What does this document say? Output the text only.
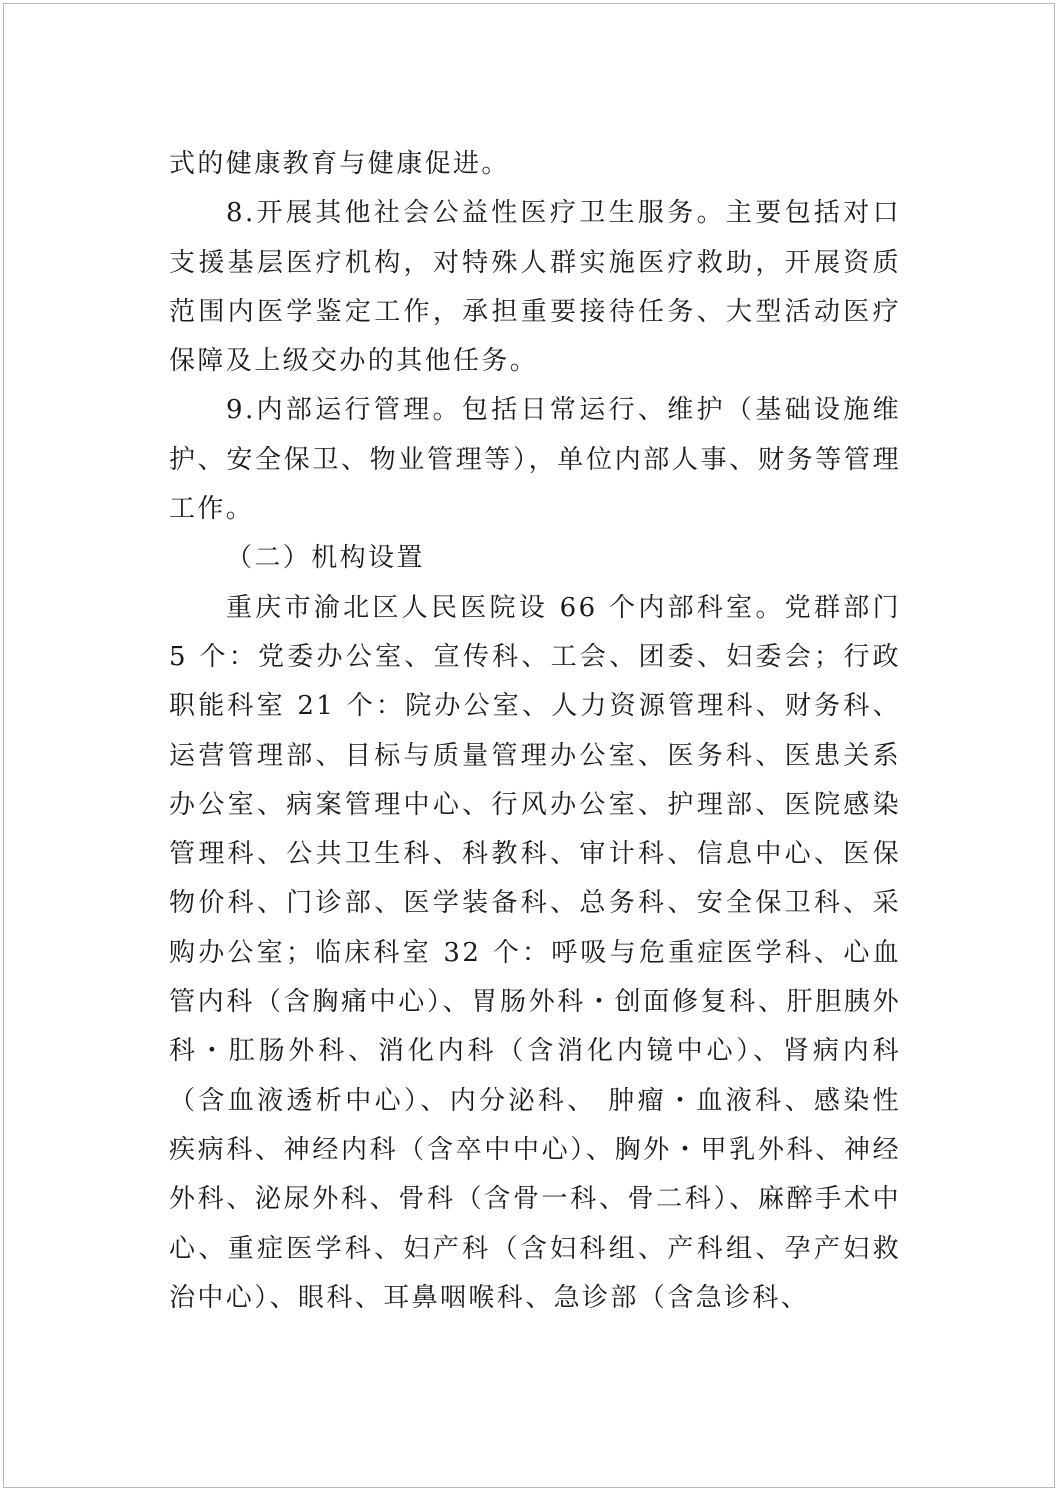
式的健康教育与健康促进。

8.开展其他社会公益性医疗卫生服务。主要包括对口支援基层医疗机构，对特殊人群实施医疗救助，开展资质范围内医学鉴定工作，承担重要接待任务、大型活动医疗保障及上级交办的其他任务。

9.内部运行管理。包括日常运行、维护（基础设施维护、安全保卫、物业管理等），单位内部人事、财务等管理工作。

（二）机构设置

重庆市渝北区人民医院设 66 个内部科室。党群部门 5 个：党委办公室、宣传科、工会、团委、妇委会；行政职能科室 21 个：院办公室、人力资源管理科、财务科、运营管理部、目标与质量管理办公室、医务科、医患关系办公室、病案管理中心、行风办公室、护理部、医院感染管理科、公共卫生科、科教科、审计科、信息中心、医保物价科、门诊部、医学装备科、总务科、安全保卫科、采购办公室；临床科室 32 个：呼吸与危重症医学科、心血管内科（含胸痛中心）、胃肠外科・创面修复科、肝胆胰外科・肛肠外科、消化内科（含消化内镜中心）、肾病内科（含血液透析中心）、内分泌科、 肿瘤・血液科、感染性疾病科、神经内科（含卒中中心）、胸外・甲乳外科、神经外科、泌尿外科、骨科（含骨一科、骨二科）、麻醉手术中心、重症医学科、妇产科（含妇科组、产科组、孕产妇救治中心）、眼科、耳鼻咽喉科、急诊部（含急诊科、
